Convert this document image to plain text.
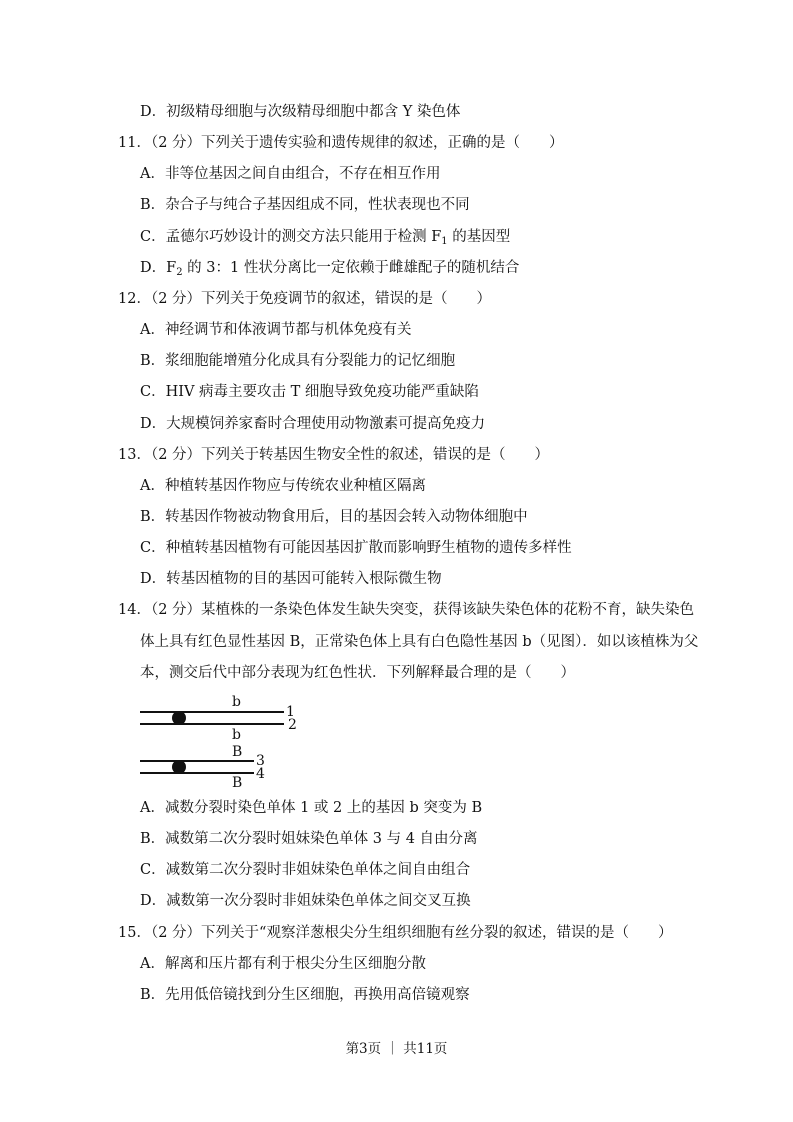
D．初级精母细胞与次级精母细胞中都含 Y 染色体
11．（2 分）下列关于遗传实验和遗传规律的叙述，正确的是（　　）
A．非等位基因之间自由组合，不存在相互作用
B．杂合子与纯合子基因组成不同，性状表现也不同
C．孟德尔巧妙设计的测交方法只能用于检测 $F_1$ 的基因型
D．$F_2$ 的 3：1 性状分离比一定依赖于雌雄配子的随机结合
12．（2 分）下列关于免疫调节的叙述，错误的是（　　）
A．神经调节和体液调节都与机体免疫有关
B．浆细胞能增殖分化成具有分裂能力的记忆细胞
C．HIV 病毒主要攻击 T 细胞导致免疫功能严重缺陷
D．大规模饲养家畜时合理使用动物激素可提高免疫力
13．（2 分）下列关于转基因生物安全性的叙述，错误的是（　　）
A．种植转基因作物应与传统农业种植区隔离
B．转基因作物被动物食用后，目的基因会转入动物体细胞中
C．种植转基因植物有可能因基因扩散而影响野生植物的遗传多样性
D．转基因植物的目的基因可能转入根际微生物
14．（2 分）某植株的一条染色体发生缺失突变，获得该缺失染色体的花粉不育，缺失染色
体上具有红色显性基因 B，正常染色体上具有白色隐性基因 b（见图）．如以该植株为父
本，测交后代中部分表现为红色性状．下列解释最合理的是（　　）
b
1
2
b
B
3
4
B
A．减数分裂时染色单体 1 或 2 上的基因 b 突变为 B
B．减数第二次分裂时姐妹染色单体 3 与 4 自由分离
C．减数第二次分裂时非姐妹染色单体之间自由组合
D．减数第一次分裂时非姐妹染色单体之间交叉互换
15．（2 分）下列关于“观察洋葱根尖分生组织细胞有丝分裂的叙述，错误的是（　　）
A．解离和压片都有利于根尖分生区细胞分散
B．先用低倍镜找到分生区细胞，再换用高倍镜观察
第3页 ｜ 共11页
